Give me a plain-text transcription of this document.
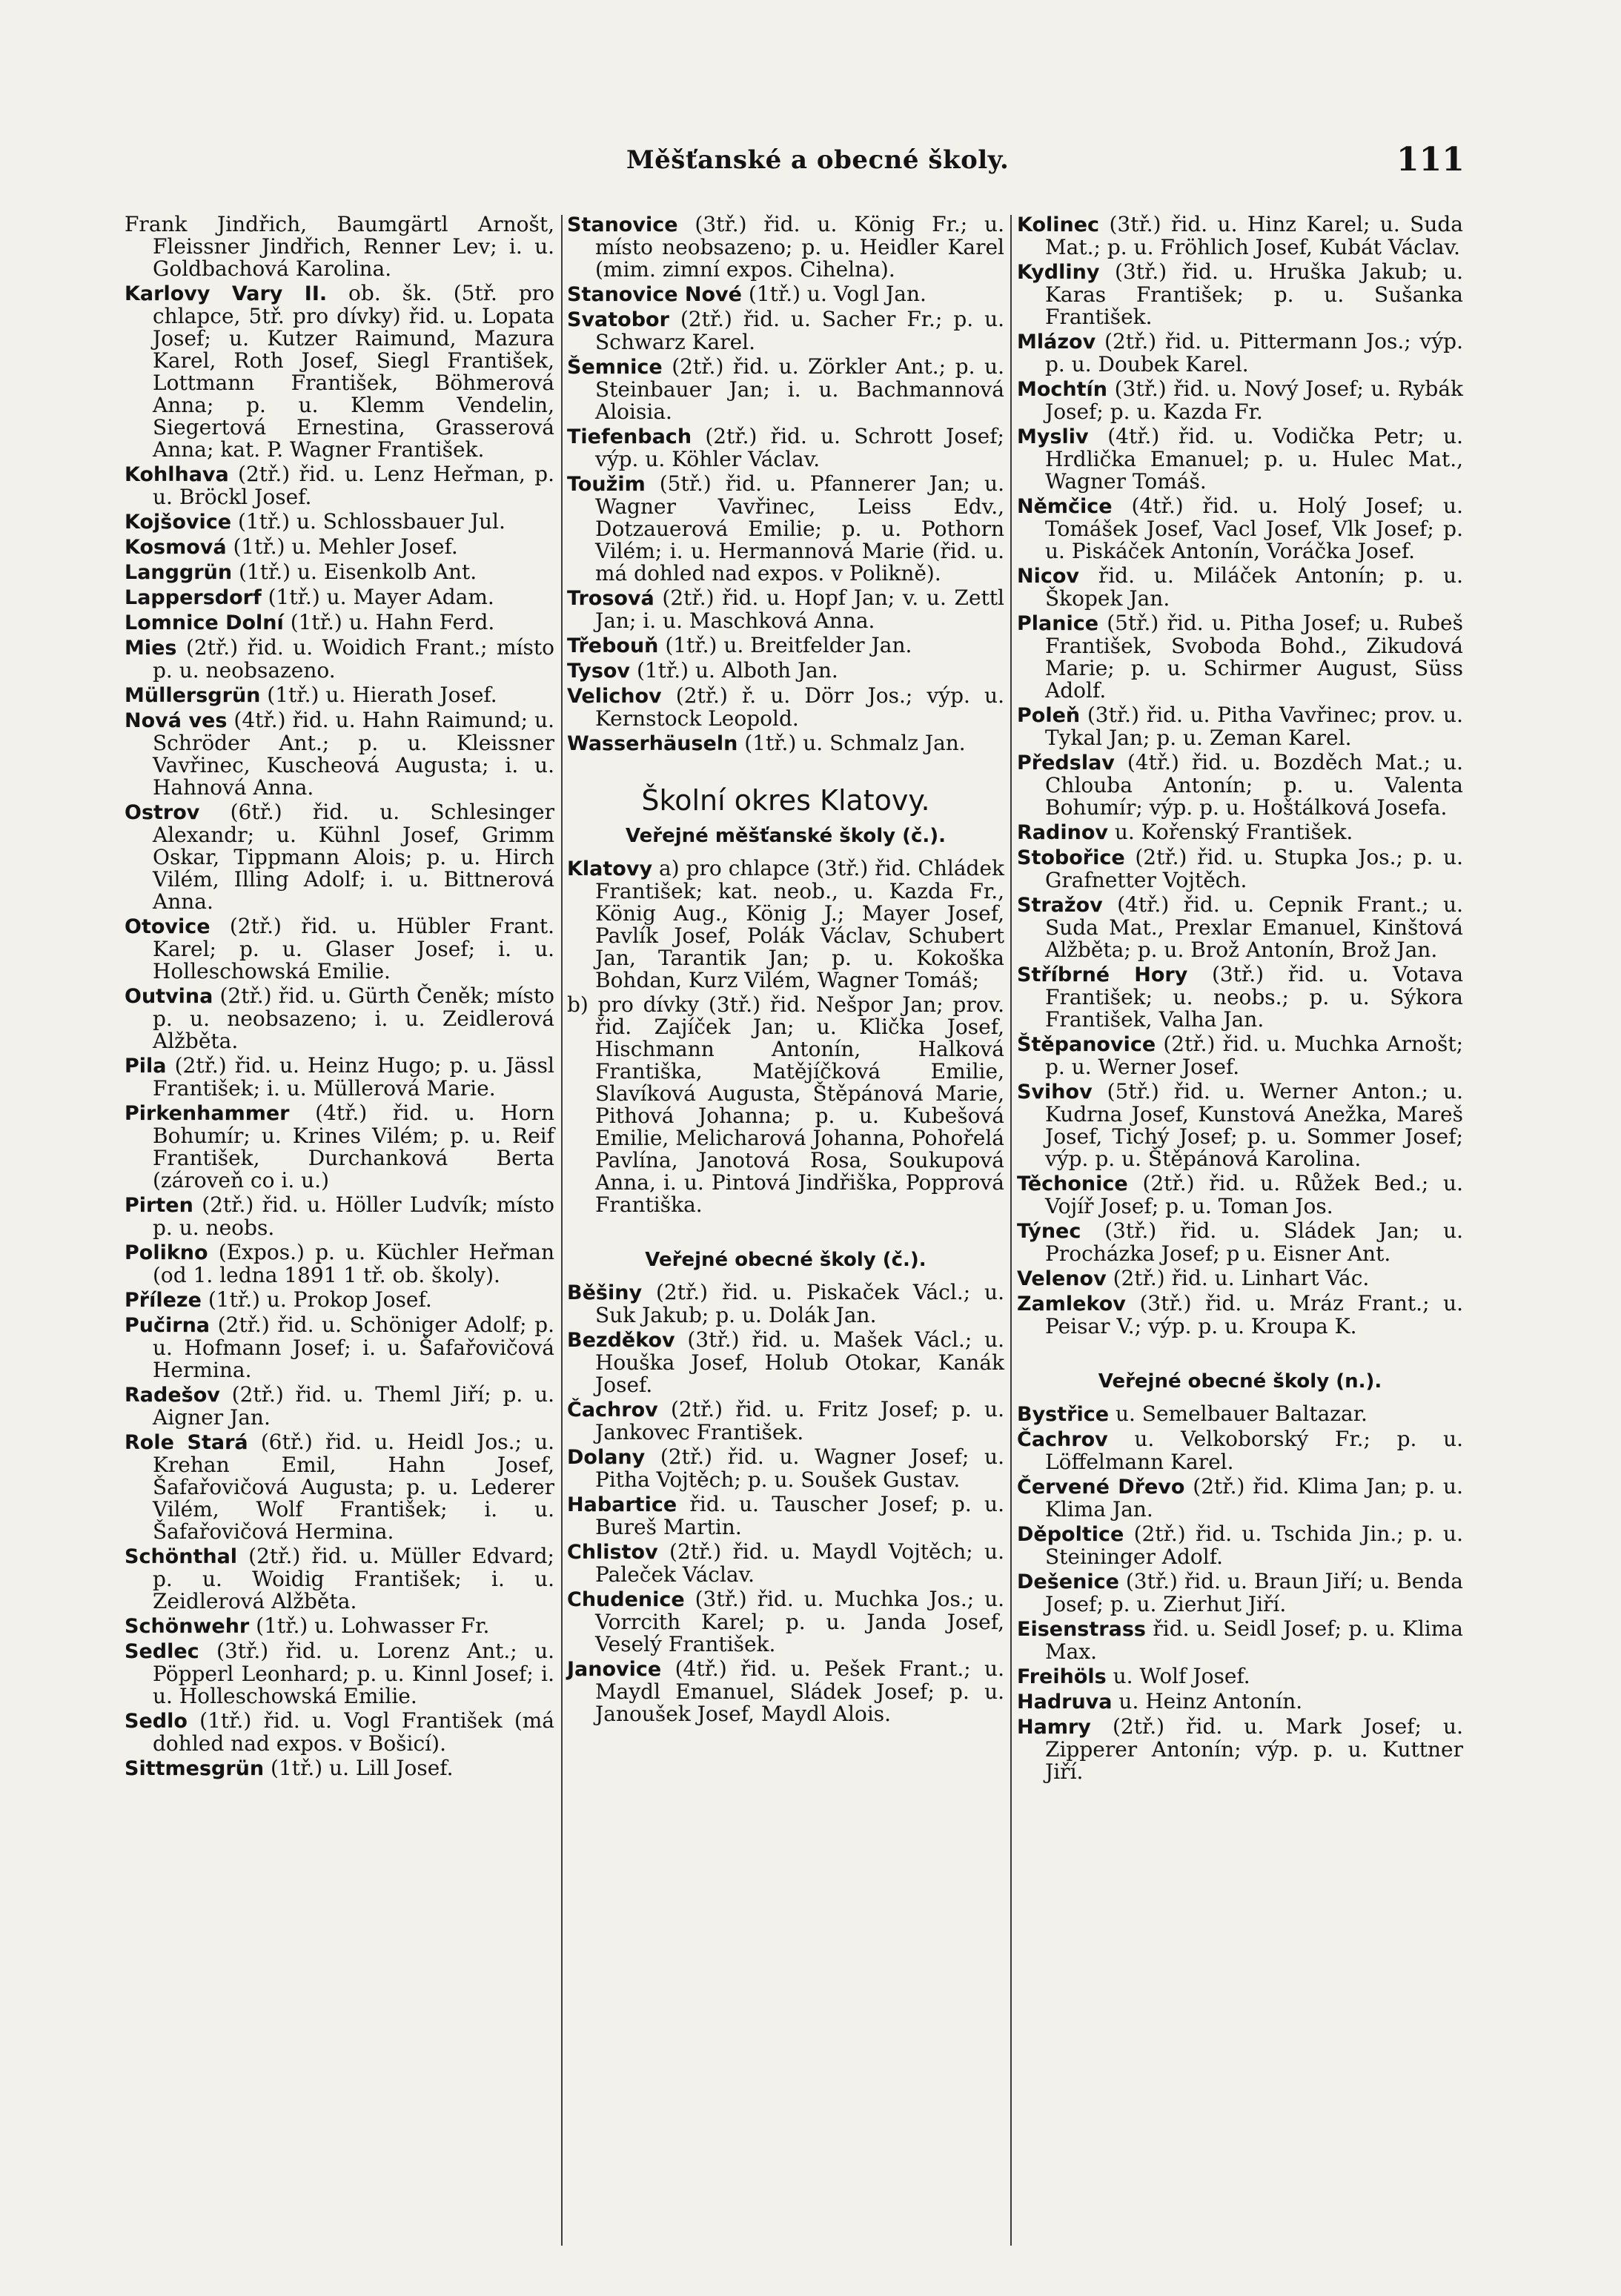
Měšťanské a obecné školy.	111
Frank Jindřich, Baumgärtl Arnošt, Fleissner Jindřich, Renner Lev; i. u. Goldbachová Karolina.
Karlovy Vary II. ob. šk. (5tř. pro chlapce, 5tř. pro dívky) řid. u. Lopata Josef; u. Kutzer Raimund, Mazura Karel, Roth Josef, Siegl František, Lottmann František, Böhmerová Anna; p. u. Klemm Vendelin, Siegertová Ernestina, Grasserová Anna; kat. P. Wagner František.
Kohlhava (2tř.) řid. u. Lenz Heřman, p. u. Bröckl Josef.
Kojšovice (1tř.) u. Schlossbauer Jul.
Kosmová (1tř.) u. Mehler Josef.
Langgrün (1tř.) u. Eisenkolb Ant.
Lappersdorf (1tř.) u. Mayer Adam.
Lomnice Dolní (1tř.) u. Hahn Ferd.
Mies (2tř.) řid. u. Woidich Frant.; místo p. u. neobsazeno.
Müllersgrün (1tř.) u. Hierath Josef.
Nová ves (4tř.) řid. u. Hahn Raimund; u. Schröder Ant.; p. u. Kleissner Vavřinec, Kuscheová Augusta; i. u. Hahnová Anna.
Ostrov (6tř.) řid. u. Schlesinger Alexandr; u. Kühnl Josef, Grimm Oskar, Tippmann Alois; p. u. Hirch Vilém, Illing Adolf; i. u. Bittnerová Anna.
Otovice (2tř.) řid. u. Hübler Frant. Karel; p. u. Glaser Josef; i. u. Holleschowská Emilie.
Outvina (2tř.) řid. u. Gürth Čeněk; místo p. u. neobsazeno; i. u. Zeidlerová Alžběta.
Pila (2tř.) řid. u. Heinz Hugo; p. u. Jässl František; i. u. Müllerová Marie.
Pirkenhammer (4tř.) řid. u. Horn Bohumír; u. Krines Vilém; p. u. Reif František, Durchanková Berta (zároveň co i. u.)
Pirten (2tř.) řid. u. Höller Ludvík; místo p. u. neobs.
Polikno (Expos.) p. u. Küchler Heřman (od 1. ledna 1891 1 tř. ob. školy).
Příleze (1tř.) u. Prokop Josef.
Pučirna (2tř.) řid. u. Schöniger Adolf; p. u. Hofmann Josef; i. u. Šafařovičová Hermina.
Radešov (2tř.) řid. u. Theml Jiří; p. u. Aigner Jan.
Role Stará (6tř.) řid. u. Heidl Jos.; u. Krehan Emil, Hahn Josef, Šafařovičová Augusta; p. u. Lederer Vilém, Wolf František; i. u. Šafařovičová Hermina.
Schönthal (2tř.) řid. u. Müller Edvard; p. u. Woidig František; i. u. Zeidlerová Alžběta.
Schönwehr (1tř.) u. Lohwasser Fr.
Sedlec (3tř.) řid. u. Lorenz Ant.; u. Pöpperl Leonhard; p. u. Kinnl Josef; i. u. Holleschowská Emilie.
Sedlo (1tř.) řid. u. Vogl František (má dohled nad expos. v Bošicí).
Sittmesgrün (1tř.) u. Lill Josef.
Stanovice (3tř.) řid. u. König Fr.; u. místo neobsazeno; p. u. Heidler Karel (mim. zimní expos. Cihelna).
Stanovice Nové (1tř.) u. Vogl Jan.
Svatobor (2tř.) řid. u. Sacher Fr.; p. u. Schwarz Karel.
Šemnice (2tř.) řid. u. Zörkler Ant.; p. u. Steinbauer Jan; i. u. Bachmannová Aloisia.
Tiefenbach (2tř.) řid. u. Schrott Josef; výp. u. Köhler Václav.
Toužim (5tř.) řid. u. Pfannerer Jan; u. Wagner Vavřinec, Leiss Edv., Dotzauerová Emilie; p. u. Pothorn Vilém; i. u. Hermannová Marie (řid. u. má dohled nad expos. v Polikně).
Trosová (2tř.) řid. u. Hopf Jan; v. u. Zettl Jan; i. u. Maschková Anna.
Třebouň (1tř.) u. Breitfelder Jan.
Tysov (1tř.) u. Alboth Jan.
Velichov (2tř.) ř. u. Dörr Jos.; výp. u. Kernstock Leopold.
Wasserhäuseln (1tř.) u. Schmalz Jan.
Školní okres Klatovy.
Veřejné měšťanské školy (č.).
Klatovy a) pro chlapce (3tř.) řid. Chládek František; kat. neob., u. Kazda Fr., König Aug., König J.; Mayer Josef, Pavlík Josef, Polák Václav, Schubert Jan, Tarantik Jan; p. u. Kokoška Bohdan, Kurz Vilém, Wagner Tomáš;
b) pro dívky (3tř.) řid. Nešpor Jan; prov. řid. Zajíček Jan; u. Klička Josef, Hischmann Antonín, Halková Františka, Matějíčková Emilie, Slavíková Augusta, Štěpánová Marie, Pithová Johanna; p. u. Kubešová Emilie, Melicharová Johanna, Pohořelá Pavlína, Janotová Rosa, Soukupová Anna, i. u. Pintová Jindřiška, Popprová Františka.
Veřejné obecné školy (č.).
Běšiny (2tř.) řid. u. Piskaček Václ.; u. Suk Jakub; p. u. Dolák Jan.
Bezděkov (3tř.) řid. u. Mašek Václ.; u. Houška Josef, Holub Otokar, Kanák Josef.
Čachrov (2tř.) řid. u. Fritz Josef; p. u. Jankovec František.
Dolany (2tř.) řid. u. Wagner Josef; u. Pitha Vojtěch; p. u. Soušek Gustav.
Habartice řid. u. Tauscher Josef; p. u. Bureš Martin.
Chlistov (2tř.) řid. u. Maydl Vojtěch; u. Paleček Václav.
Chudenice (3tř.) řid. u. Muchka Jos.; u. Vorrcith Karel; p. u. Janda Josef, Veselý František.
Janovice (4tř.) řid. u. Pešek Frant.; u. Maydl Emanuel, Sládek Josef; p. u. Janoušek Josef, Maydl Alois.
Kolinec (3tř.) řid. u. Hinz Karel; u. Suda Mat.; p. u. Fröhlich Josef, Kubát Václav.
Kydliny (3tř.) řid. u. Hruška Jakub; u. Karas František; p. u. Sušanka František.
Mlázov (2tř.) řid. u. Pittermann Jos.; výp. p. u. Doubek Karel.
Mochtín (3tř.) řid. u. Nový Josef; u. Rybák Josef; p. u. Kazda Fr.
Mysliv (4tř.) řid. u. Vodička Petr; u. Hrdlička Emanuel; p. u. Hulec Mat., Wagner Tomáš.
Němčice (4tř.) řid. u. Holý Josef; u. Tomášek Josef, Vacl Josef, Vlk Josef; p. u. Piskáček Antonín, Voráčka Josef.
Nicov řid. u. Miláček Antonín; p. u. Škopek Jan.
Planice (5tř.) řid. u. Pitha Josef; u. Rubeš František, Svoboda Bohd., Zikudová Marie; p. u. Schirmer August, Süss Adolf.
Poleň (3tř.) řid. u. Pitha Vavřinec; prov. u. Tykal Jan; p. u. Zeman Karel.
Předslav (4tř.) řid. u. Bozděch Mat.; u. Chlouba Antonín; p. u. Valenta Bohumír; výp. p. u. Hoštálková Josefa.
Radinov u. Kořenský František.
Stobořice (2tř.) řid. u. Stupka Jos.; p. u. Grafnetter Vojtěch.
Stražov (4tř.) řid. u. Cepnik Frant.; u. Suda Mat., Prexlar Emanuel, Kinštová Alžběta; p. u. Brož Antonín, Brož Jan.
Stříbrné Hory (3tř.) řid. u. Votava František; u. neobs.; p. u. Sýkora František, Valha Jan.
Štěpanovice (2tř.) řid. u. Muchka Arnošt; p. u. Werner Josef.
Svihov (5tř.) řid. u. Werner Anton.; u. Kudrna Josef, Kunstová Anežka, Mareš Josef, Tichý Josef; p. u. Sommer Josef; výp. p. u. Štěpánová Karolina.
Těchonice (2tř.) řid. u. Růžek Bed.; u. Vojíř Josef; p. u. Toman Jos.
Týnec (3tř.) řid. u. Sládek Jan; u. Procházka Josef; p u. Eisner Ant.
Velenov (2tř.) řid. u. Linhart Vác.
Zamlekov (3tř.) řid. u. Mráz Frant.; u. Peisar V.; výp. p. u. Kroupa K.
Veřejné obecné školy (n.).
Bystřice u. Semelbauer Baltazar.
Čachrov u. Velkoborský Fr.; p. u. Löffelmann Karel.
Červené Dřevo (2tř.) řid. Klima Jan; p. u. Klima Jan.
Děpoltice (2tř.) řid. u. Tschida Jin.; p. u. Steininger Adolf.
Dešenice (3tř.) řid. u. Braun Jiří; u. Benda Josef; p. u. Zierhut Jiří.
Eisenstrass řid. u. Seidl Josef; p. u. Klima Max.
Freihöls u. Wolf Josef.
Hadruva u. Heinz Antonín.
Hamry (2tř.) řid. u. Mark Josef; u. Zipperer Antonín; výp. p. u. Kuttner Jiří.
